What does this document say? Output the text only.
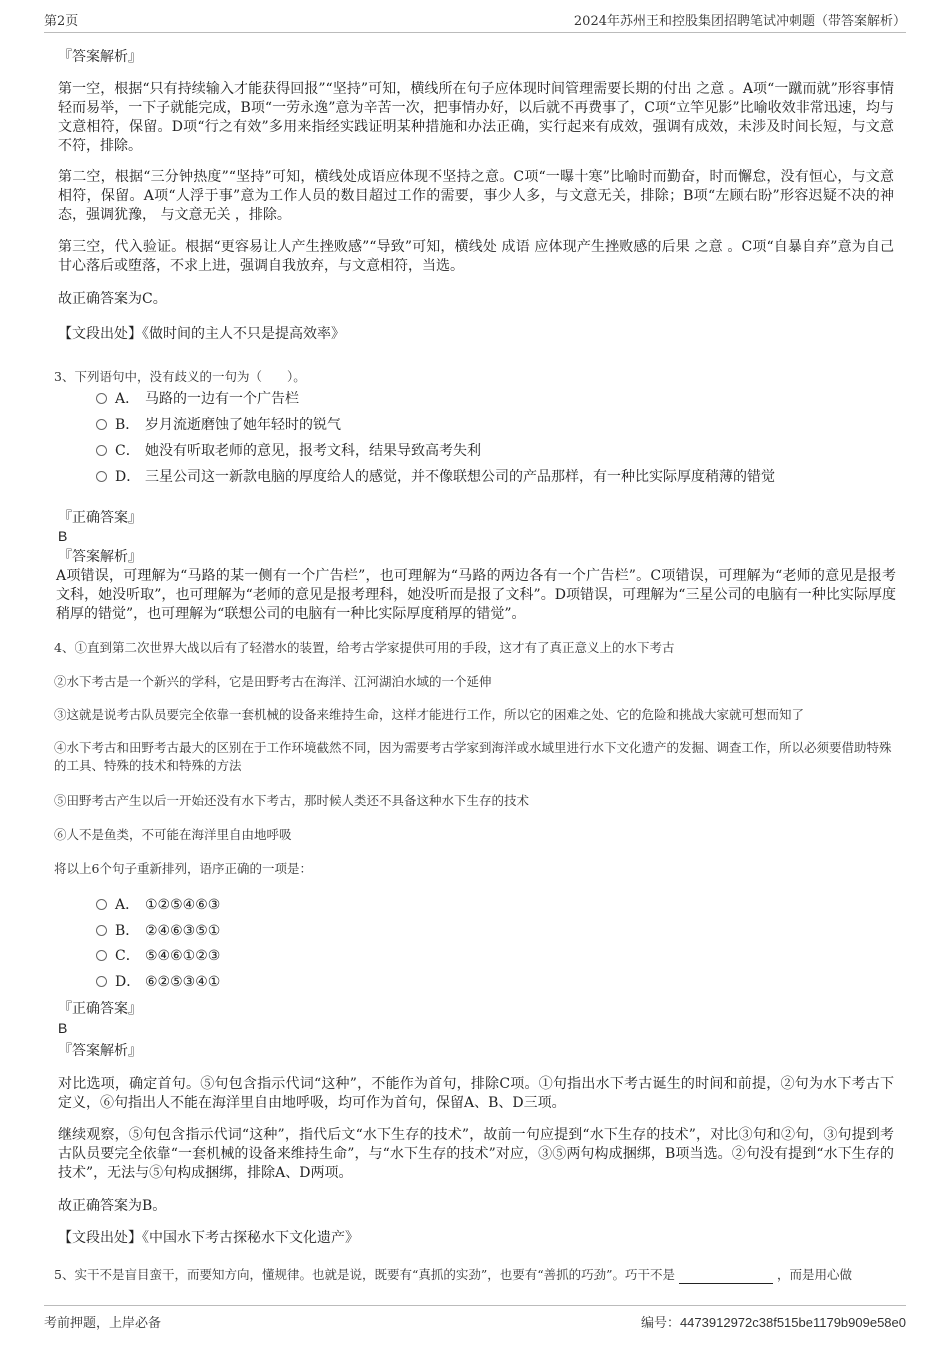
第2页	2024年苏州王和控股集团招聘笔试冲刺题（带答案解析）
『答案解析』
第一空，根据“只有持续输入才能获得回报”“坚持”可知，横线所在句子应体现时间管理需要长期的付出 之意 。A项“一蹴而就”形容事情轻而易举，一下子就能完成，B项“一劳永逸”意为辛苦一次，把事情办好，以后就不再费事了，C项“立竿见影”比喻收效非常迅速，均与文意相符，保留。D项“行之有效”多用来指经实践证明某种措施和办法正确，实行起来有成效，强调有成效，未涉及时间长短，与文意不符，排除。
第二空，根据“三分钟热度”“坚持”可知，横线处成语应体现不坚持之意。C项“一曝十寒”比喻时而勤奋，时而懈怠，没有恒心，与文意相符，保留。A项“人浮于事”意为工作人员的数目超过工作的需要，事少人多，与文意无关，排除；B项“左顾右盼”形容迟疑不决的神态，强调犹豫， 与文意无关 ，排除。
第三空，代入验证。根据“更容易让人产生挫败感”“导致”可知，横线处 成语 应体现产生挫败感的后果 之意 。C项“自暴自弃”意为自己甘心落后或堕落，不求上进，强调自我放弃，与文意相符，当选。
故正确答案为C。
【文段出处】《做时间的主人不只是提高效率》
3、下列语句中，没有歧义的一句为（　　）。
A． 马路的一边有一个广告栏
B． 岁月流逝磨蚀了她年轻时的锐气
C． 她没有听取老师的意见，报考文科，结果导致高考失利
D． 三星公司这一新款电脑的厚度给人的感觉，并不像联想公司的产品那样，有一种比实际厚度稍薄的错觉
『正确答案』
B
『答案解析』
A项错误，可理解为“马路的某一侧有一个广告栏”，也可理解为“马路的两边各有一个广告栏”。C项错误，可理解为“老师的意见是报考文科，她没听取”，也可理解为“老师的意见是报考理科，她没听而是报了文科”。D项错误，可理解为“三星公司的电脑有一种比实际厚度稍厚的错觉”，也可理解为“联想公司的电脑有一种比实际厚度稍厚的错觉”。
4、①直到第二次世界大战以后有了轻潜水的装置，给考古学家提供可用的手段，这才有了真正意义上的水下考古
②水下考古是一个新兴的学科，它是田野考古在海洋、江河湖泊水域的一个延伸
③这就是说考古队员要完全依靠一套机械的设备来维持生命，这样才能进行工作，所以它的困难之处、它的危险和挑战大家就可想而知了
④水下考古和田野考古最大的区别在于工作环境截然不同，因为需要考古学家到海洋或水域里进行水下文化遗产的发掘、调查工作，所以必须要借助特殊的工具、特殊的技术和特殊的方法
⑤田野考古产生以后一开始还没有水下考古，那时候人类还不具备这种水下生存的技术
⑥人不是鱼类，不可能在海洋里自由地呼吸
将以上6个句子重新排列，语序正确的一项是：
A． ①②⑤④⑥③
B． ②④⑥③⑤①
C． ⑤④⑥①②③
D． ⑥②⑤③④①
『正确答案』
B
『答案解析』
对比选项，确定首句。⑤句包含指示代词“这种”，不能作为首句，排除C项。①句指出水下考古诞生的时间和前提，②句为水下考古下定义，⑥句指出人不能在海洋里自由地呼吸，均可作为首句，保留A、B、D三项。
继续观察，⑤句包含指示代词“这种”，指代后文“水下生存的技术”，故前一句应提到“水下生存的技术”，对比③句和②句，③句提到考古队员要完全依靠“一套机械的设备来维持生命”，与“水下生存的技术”对应，③⑤两句构成捆绑，B项当选。②句没有提到“水下生存的技术”，无法与⑤句构成捆绑，排除A、D两项。
故正确答案为B。
【文段出处】《中国水下考古探秘水下文化遗产》
5、实干不是盲目蛮干，而要知方向，懂规律。也就是说，既要有“真抓的实劲”，也要有“善抓的巧劲”。巧干不是	，而是用心做
考前押题，上岸必备	编号：4473912972c38f515be1179b909e58e0
